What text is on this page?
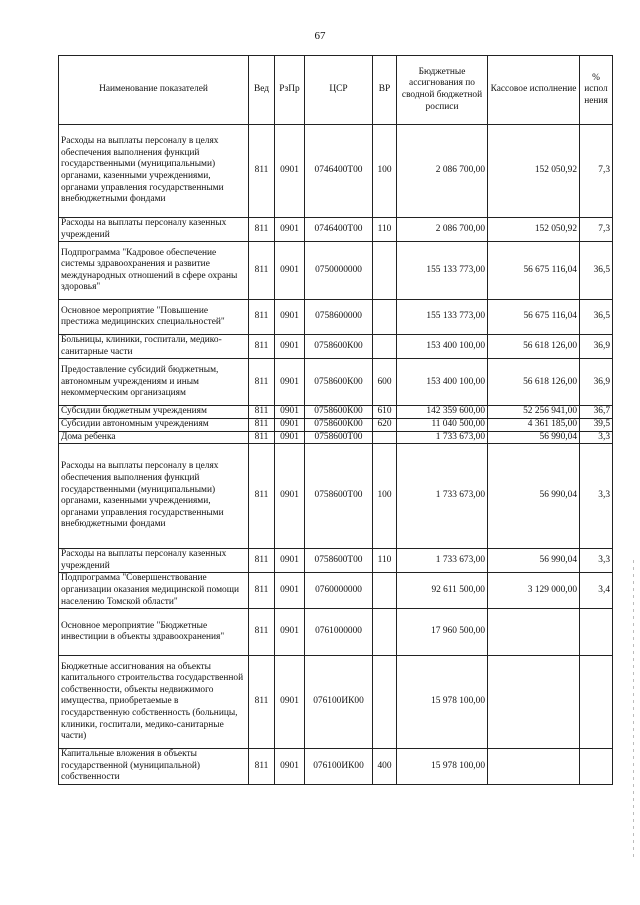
67
Наименование показателей	Вед	РзПр	ЦСР	ВР	Бюджетные ассигнования по сводной бюджетной росписи	Кассовое исполнение	% испол нения
Расходы на выплаты персоналу в целях обеспечения выполнения функций государственными (муниципальными) органами, казенными учреждениями, органами управления государственными внебюджетными фондами	811	0901	0746400Т00	100	2 086 700,00	152 050,92	7,3
Расходы на выплаты персоналу казенных учреждений	811	0901	0746400Т00	110	2 086 700,00	152 050,92	7,3
Подпрограмма "Кадровое обеспечение системы здравоохранения и развитие международных отношений в сфере охраны здоровья"	811	0901	0750000000		155 133 773,00	56 675 116,04	36,5
Основное мероприятие "Повышение престижа медицинских специальностей"	811	0901	0758600000		155 133 773,00	56 675 116,04	36,5
Больницы, клиники, госпитали, медико-санитарные части	811	0901	0758600К00		153 400 100,00	56 618 126,00	36,9
Предоставление субсидий бюджетным, автономным учреждениям и иным некоммерческим организациям	811	0901	0758600К00	600	153 400 100,00	56 618 126,00	36,9
Субсидии бюджетным учреждениям	811	0901	0758600К00	610	142 359 600,00	52 256 941,00	36,7
Субсидии автономным учреждениям	811	0901	0758600К00	620	11 040 500,00	4 361 185,00	39,5
Дома ребенка	811	0901	0758600Т00		1 733 673,00	56 990,04	3,3
Расходы на выплаты персоналу в целях обеспечения выполнения функций государственными (муниципальными) органами, казенными учреждениями, органами управления государственными внебюджетными фондами	811	0901	0758600Т00	100	1 733 673,00	56 990,04	3,3
Расходы на выплаты персоналу казенных учреждений	811	0901	0758600Т00	110	1 733 673,00	56 990,04	3,3
Подпрограмма "Совершенствование организации оказания медицинской помощи населению Томской области"	811	0901	0760000000		92 611 500,00	3 129 000,00	3,4
Основное мероприятие "Бюджетные инвестиции в объекты здравоохранения"	811	0901	0761000000		17 960 500,00		
Бюджетные ассигнования на объекты капитального строительства государственной собственности, объекты недвижимого имущества, приобретаемые в государственную собственность (больницы, клиники, госпитали, медико-санитарные части)	811	0901	076100ИК00		15 978 100,00		
Капитальные вложения в объекты государственной (муниципальной) собственности	811	0901	076100ИК00	400	15 978 100,00		
